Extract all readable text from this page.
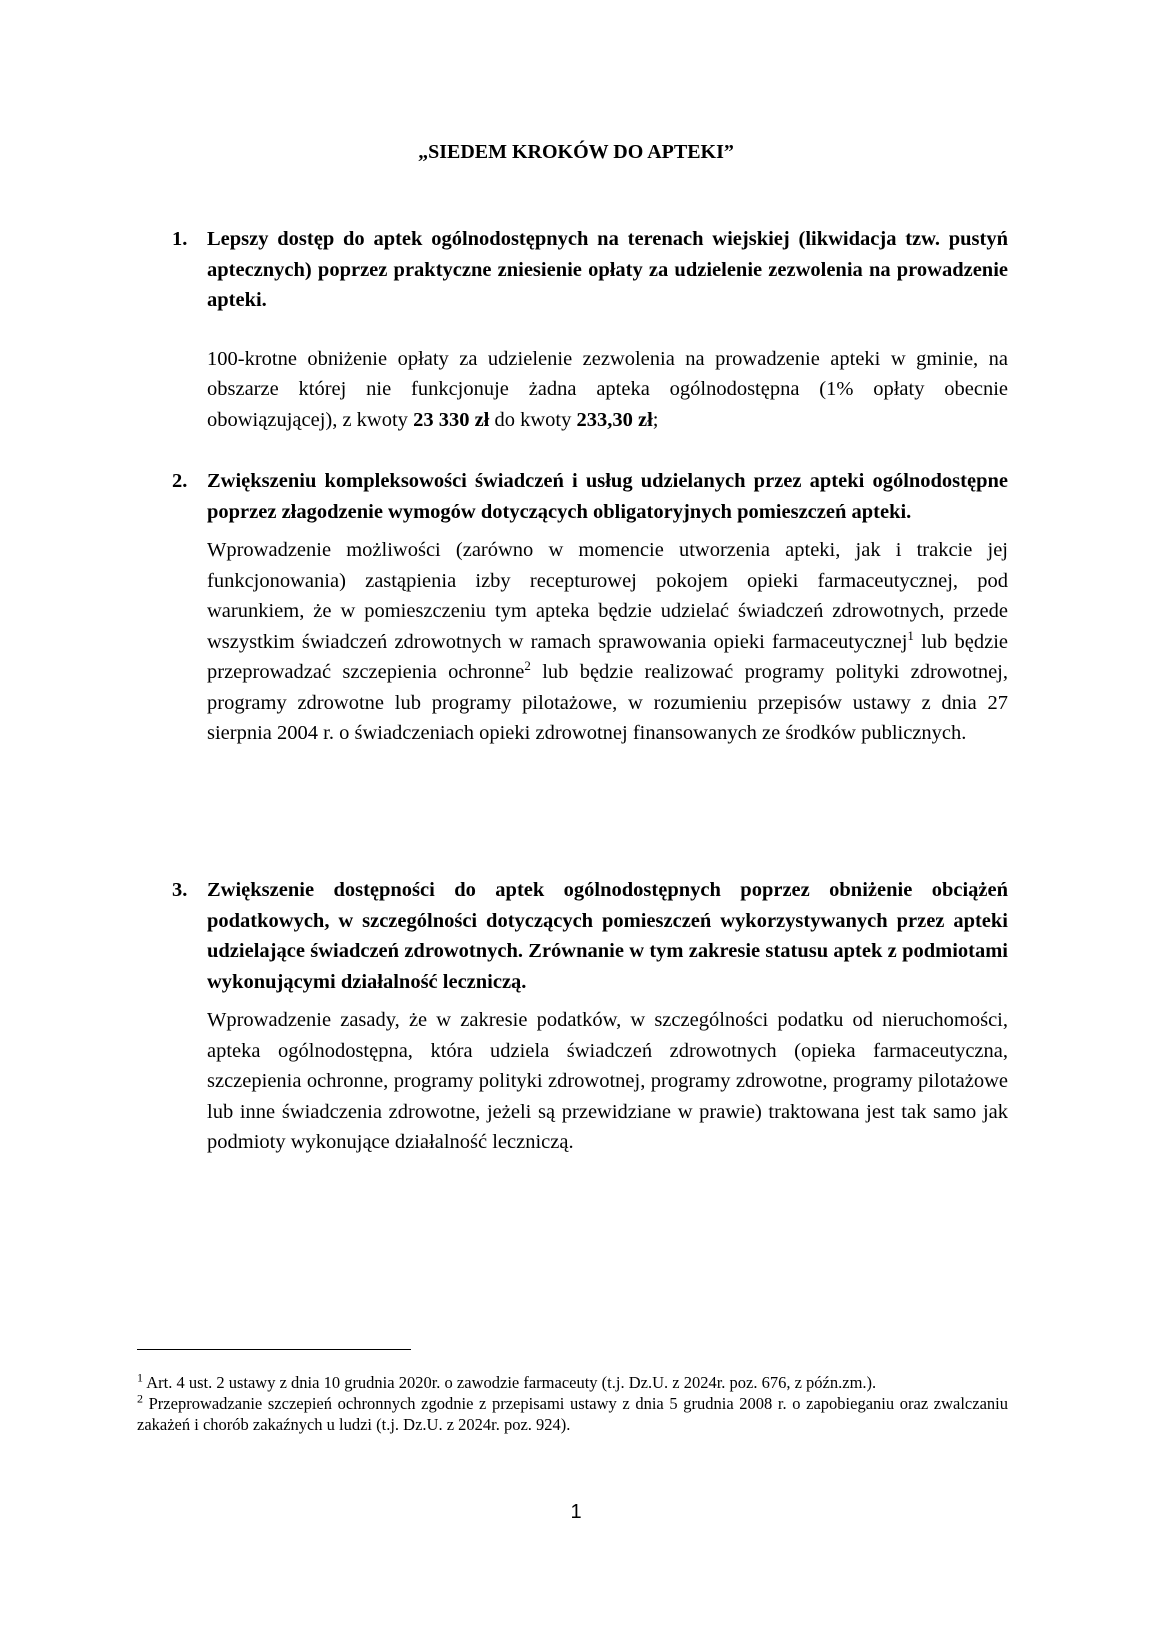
„SIEDEM KROKÓW DO APTEKI”
1. Lepszy dostęp do aptek ogólnodostępnych na terenach wiejskiej (likwidacja tzw. pustyń aptecznych) poprzez praktyczne zniesienie opłaty za udzielenie zezwolenia na prowadzenie apteki.

100-krotne obniżenie opłaty za udzielenie zezwolenia na prowadzenie apteki w gminie, na obszarze której nie funkcjonuje żadna apteka ogólnodostępna (1% opłaty obecnie obowiązującej), z kwoty 23 330 zł do kwoty 233,30 zł;

2. Zwiększeniu kompleksowości świadczeń i usług udzielanych przez apteki ogólnodostępne poprzez złagodzenie wymogów dotyczących obligatoryjnych pomieszczeń apteki.

Wprowadzenie możliwości (zarówno w momencie utworzenia apteki, jak i trakcie jej funkcjonowania) zastąpienia izby recepturowej pokojem opieki farmaceutycznej, pod warunkiem, że w pomieszczeniu tym apteka będzie udzielać świadczeń zdrowotnych, przede wszystkim świadczeń zdrowotnych w ramach sprawowania opieki farmaceutycznej$^1$ lub będzie przeprowadzać szczepienia ochronne$^2$ lub będzie realizować programy polityki zdrowotnej, programy zdrowotne lub programy pilotażowe, w rozumieniu przepisów ustawy z dnia 27 sierpnia 2004 r. o świadczeniach opieki zdrowotnej finansowanych ze środków publicznych.

3. Zwiększenie dostępności do aptek ogólnodostępnych poprzez obniżenie obciążeń podatkowych, w szczególności dotyczących pomieszczeń wykorzystywanych przez apteki udzielające świadczeń zdrowotnych. Zrównanie w tym zakresie statusu aptek z podmiotami wykonującymi działalność leczniczą.

Wprowadzenie zasady, że w zakresie podatków, w szczególności podatku od nieruchomości, apteka ogólnodostępna, która udziela świadczeń zdrowotnych (opieka farmaceutyczna, szczepienia ochronne, programy polityki zdrowotnej, programy zdrowotne, programy pilotażowe lub inne świadczenia zdrowotne, jeżeli są przewidziane w prawie) traktowana jest tak samo jak podmioty wykonujące działalność leczniczą.

$^1$ Art. 4 ust. 2 ustawy z dnia 10 grudnia 2020r. o zawodzie farmaceuty (t.j. Dz.U. z 2024r. poz. 676, z późn.zm.).

$^2$ Przeprowadzanie szczepień ochronnych zgodnie z przepisami ustawy z dnia 5 grudnia 2008 r. o zapobieganiu oraz zwalczaniu zakażeń i chorób zakaźnych u ludzi (t.j. Dz.U. z 2024r. poz. 924).

1
